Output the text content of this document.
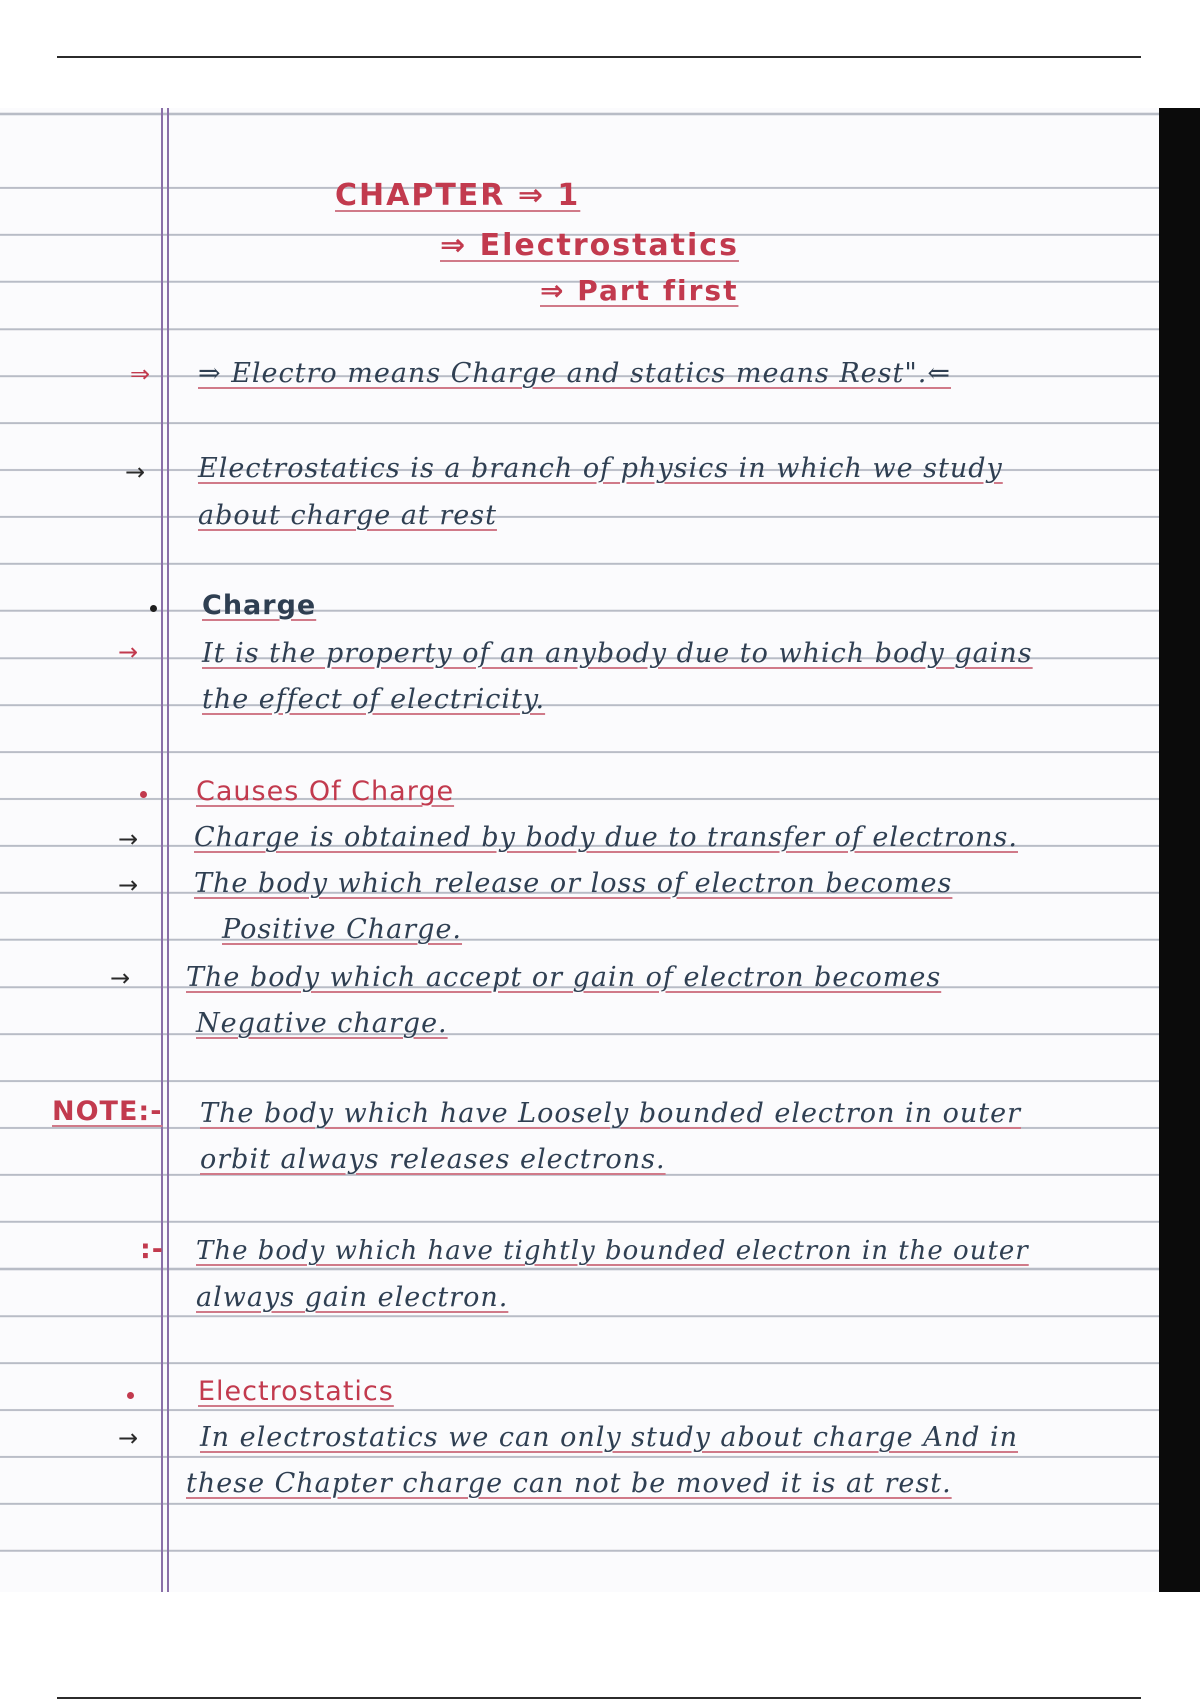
CHAPTER ⇒ 1
⇒ Electrostatics
⇒ Part first
⇒ ⇒ Electro means Charge and statics means Rest".⇐
→ Electrostatics is a branch of physics in which we study
about charge at rest
Charge
→ It is the property of an anybody due to which body gains
the effect of electricity.
Causes Of Charge
→ Charge is obtained by body due to transfer of electrons.
→ The body which release or loss of electron becomes
Positive Charge.
→ The body which accept or gain of electron becomes
Negative charge.
NOTE:- The body which have Loosely bounded electron in outer
orbit always releases electrons.
:- The body which have tightly bounded electron in the outer
always gain electron.
Electrostatics
→ In electrostatics we can only study about charge And in
these Chapter charge can not be moved it is at rest.
